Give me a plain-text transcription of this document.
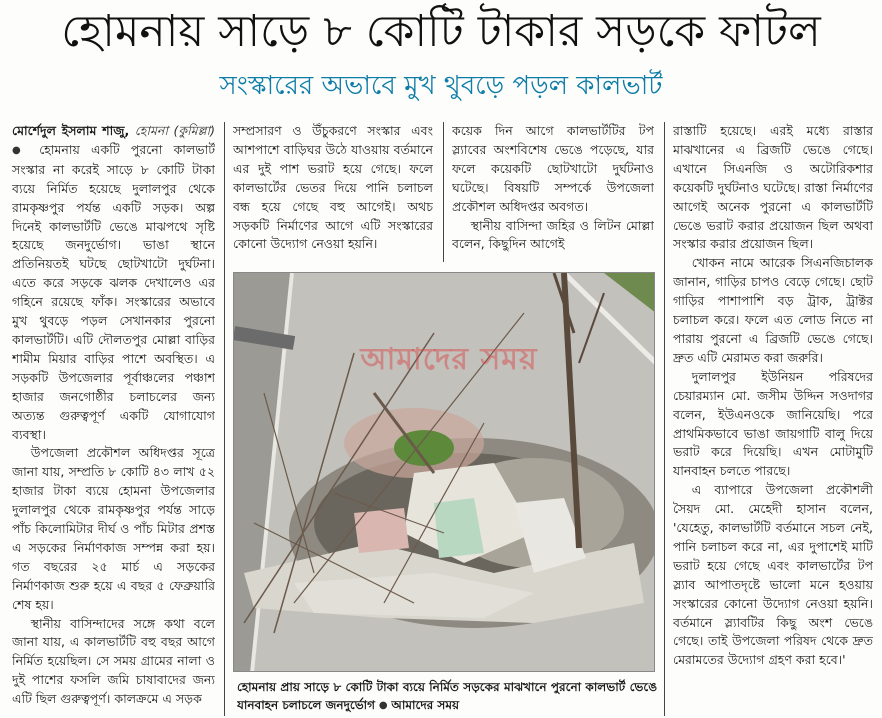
হোমনায় সাড়ে ৮ কোটি টাকার সড়কে ফাটল
সংস্কারের অভাবে মুখ থুবড়ে পড়ল কালভার্ট

মোর্শেদুল ইসলাম শাজু, হোমনা (কুমিল্লা) ● হোমনায় একটি পুরনো কালভার্ট সংস্কার না করেই সাড়ে ৮ কোটি টাকা ব্যয়ে নির্মিত হয়েছে দুলালপুর থেকে রামকৃষ্ণপুর পর্যন্ত একটি সড়ক। অল্প দিনেই কালভার্টটি ভেঙে মাঝপথে সৃষ্টি হয়েছে জনদুর্ভোগ। ভাঙা স্থানে প্রতিনিয়তই ঘটছে ছোটখাটো দুর্ঘটনা। এতে করে সড়কে ঝলক দেখালেও এর গহিনে রয়েছে ফাঁক। সংস্কারের অভাবে মুখ থুবড়ে পড়ল সেখানকার পুরনো কালভার্টটি। এটি দৌলতপুর মোল্লা বাড়ির শামীম মিয়ার বাড়ির পাশে অবস্থিত। এ সড়কটি উপজেলার পূর্বাঞ্চলের পঞ্চাশ হাজার জনগোষ্ঠীর চলাচলের জন্য অত্যন্ত গুরুত্বপূর্ণ একটি যোগাযোগ ব্যবস্থা।

উপজেলা প্রকৌশল অধিদপ্তর সূত্রে জানা যায়, সম্প্রতি ৮ কোটি ৪৩ লাখ ৫২ হাজার টাকা ব্যয়ে হোমনা উপজেলার দুলালপুর থেকে রামকৃষ্ণপুর পর্যন্ত সাড়ে পাঁচ কিলোমিটার দীর্ঘ ও পাঁচ মিটার প্রশস্ত এ সড়কের নির্মাণকাজ সম্পন্ন করা হয়। গত বছরের ২৫ মার্চ এ সড়কের নির্মাণকাজ শুরু হয়ে এ বছর ৫ ফেব্রুয়ারি শেষ হয়।

স্থানীয় বাসিন্দাদের সঙ্গে কথা বলে জানা যায়, এ কালভার্টটি বহু বছর আগে নির্মিত হয়েছিল। সে সময় গ্রামের নালা ও দুই পাশের ফসলি জমি চাষাবাদের জন্য এটি ছিল গুরুত্বপূর্ণ। কালক্রমে এ সড়ক

সম্প্রসারণ ও উঁচুকরণে সংস্কার এবং আশপাশে বাড়িঘর উঠে যাওয়ায় বর্তমানে এর দুই পাশ ভরাট হয়ে গেছে। ফলে কালভার্টের ভেতর দিয়ে পানি চলাচল বন্ধ হয়ে গেছে বহু আগেই। অথচ সড়কটি নির্মাণের আগে এটি সংস্কারের কোনো উদ্যোগ নেওয়া হয়নি।

কয়েক দিন আগে কালভার্টটির টপ স্ল্যাবের অংশবিশেষ ভেঙে পড়েছে, যার ফলে কয়েকটি ছোটখাটো দুর্ঘটনাও ঘটেছে। বিষয়টি সম্পর্কে উপজেলা প্রকৌশল অধিদপ্তর অবগত।

স্থানীয় বাসিন্দা জহির ও লিটন মোল্লা বলেন, কিছুদিন আগেই

রাস্তাটি হয়েছে। এরই মধ্যে রাস্তার মাঝখানের এ ব্রিজটি ভেঙে গেছে। এখানে সিএনজি ও অটোরিকশার কয়েকটি দুর্ঘটনাও ঘটেছে। রাস্তা নির্মাণের আগেই অনেক পুরনো এ কালভার্টটি ভেঙে ভরাট করার প্রয়োজন ছিল অথবা সংস্কার করার প্রয়োজন ছিল।

খোকন নামে আরেক সিএনজিচালক জানান, গাড়ির চাপও বেড়ে গেছে। ছোট গাড়ির পাশাপাশি বড় ট্রাক, ট্রাক্টর চলাচল করে। ফলে এত লোড নিতে না পারায় পুরনো এ ব্রিজটি ভেঙে গেছে। দ্রুত এটি মেরামত করা জরুরি।

দুলালপুর ইউনিয়ন পরিষদের চেয়ারম্যান মো. জসীম উদ্দিন সওদাগর বলেন, ইউএনওকে জানিয়েছি। পরে প্রাথমিকভাবে ভাঙা জায়গাটি বালু দিয়ে ভরাট করে দিয়েছি। এখন মোটামুটি যানবাহন চলতে পারছে।

এ ব্যাপারে উপজেলা প্রকৌশলী সৈয়দ মো. মেহেদী হাসান বলেন, 'যেহেতু, কালভার্টটি বর্তমানে সচল নেই, পানি চলাচল করে না, এর দুপাশেই মাটি ভরাট হয়ে গেছে এবং কালভার্টের টপ স্ল্যাব আপাতদৃষ্টে ভালো মনে হওয়ায় সংস্কারের কোনো উদ্যোগ নেওয়া হয়নি। বর্তমানে স্ল্যাবটির কিছু অংশ ভেঙে গেছে। তাই উপজেলা পরিষদ থেকে দ্রুত মেরামতের উদ্যোগ গ্রহণ করা হবে।'

আমাদের সময়
হোমনায় প্রায় সাড়ে ৮ কোটি টাকা ব্যয়ে নির্মিত সড়কের মাঝখানে পুরনো কালভার্ট ভেঙে যানবাহন চলাচলে জনদুর্ভোগ ● আমাদের সময়
